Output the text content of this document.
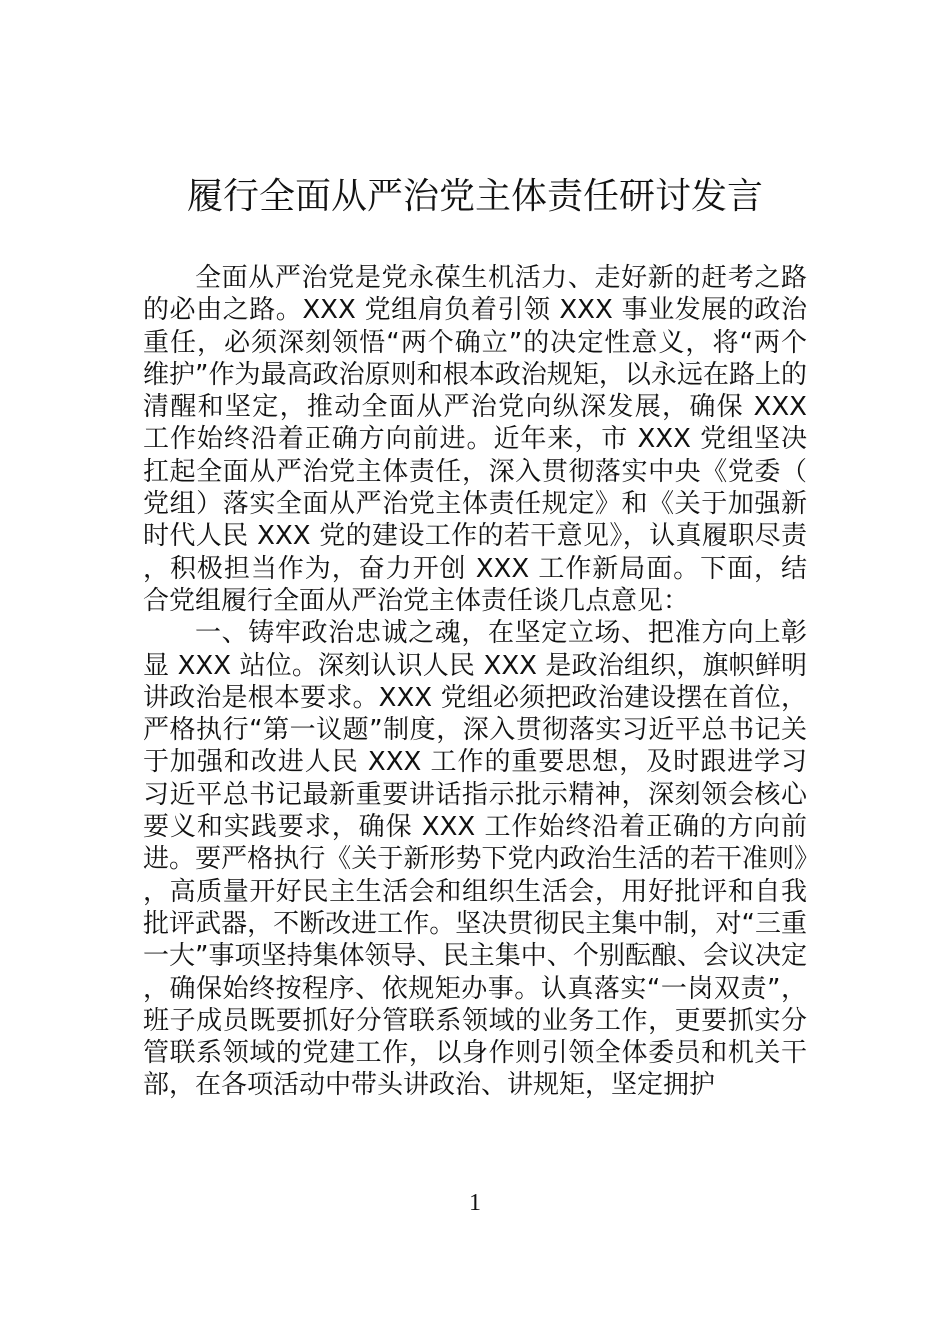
履行全面从严治党主体责任研讨发言

全面从严治党是党永葆生机活力、走好新的赶考之路的必由之路。XXX 党组肩负着引领 XXX 事业发展的政治重任，必须深刻领悟“两个确立”的决定性意义，将“两个维护”作为最高政治原则和根本政治规矩，以永远在路上的清醒和坚定，推动全面从严治党向纵深发展，确保 XXX 工作始终沿着正确方向前进。近年来，市 XXX 党组坚决扛起全面从严治党主体责任，深入贯彻落实中央《党委（党组）落实全面从严治党主体责任规定》和《关于加强新时代人民 XXX 党的建设工作的若干意见》，认真履职尽责，积极担当作为，奋力开创 XXX 工作新局面。下面，结合党组履行全面从严治党主体责任谈几点意见：

一、铸牢政治忠诚之魂，在坚定立场、把准方向上彰显 XXX 站位。深刻认识人民 XXX 是政治组织，旗帜鲜明讲政治是根本要求。XXX 党组必须把政治建设摆在首位，严格执行“第一议题”制度，深入贯彻落实习近平总书记关于加强和改进人民 XXX 工作的重要思想，及时跟进学习习近平总书记最新重要讲话指示批示精神，深刻领会核心要义和实践要求，确保 XXX 工作始终沿着正确的方向前进。要严格执行《关于新形势下党内政治生活的若干准则》，高质量开好民主生活会和组织生活会，用好批评和自我批评武器，不断改进工作。坚决贯彻民主集中制，对“三重一大”事项坚持集体领导、民主集中、个别酝酿、会议决定，确保始终按程序、依规矩办事。认真落实“一岗双责”，班子成员既要抓好分管联系领域的业务工作，更要抓实分管联系领域的党建工作，以身作则引领全体委员和机关干部，在各项活动中带头讲政治、讲规矩，坚定拥护

1
